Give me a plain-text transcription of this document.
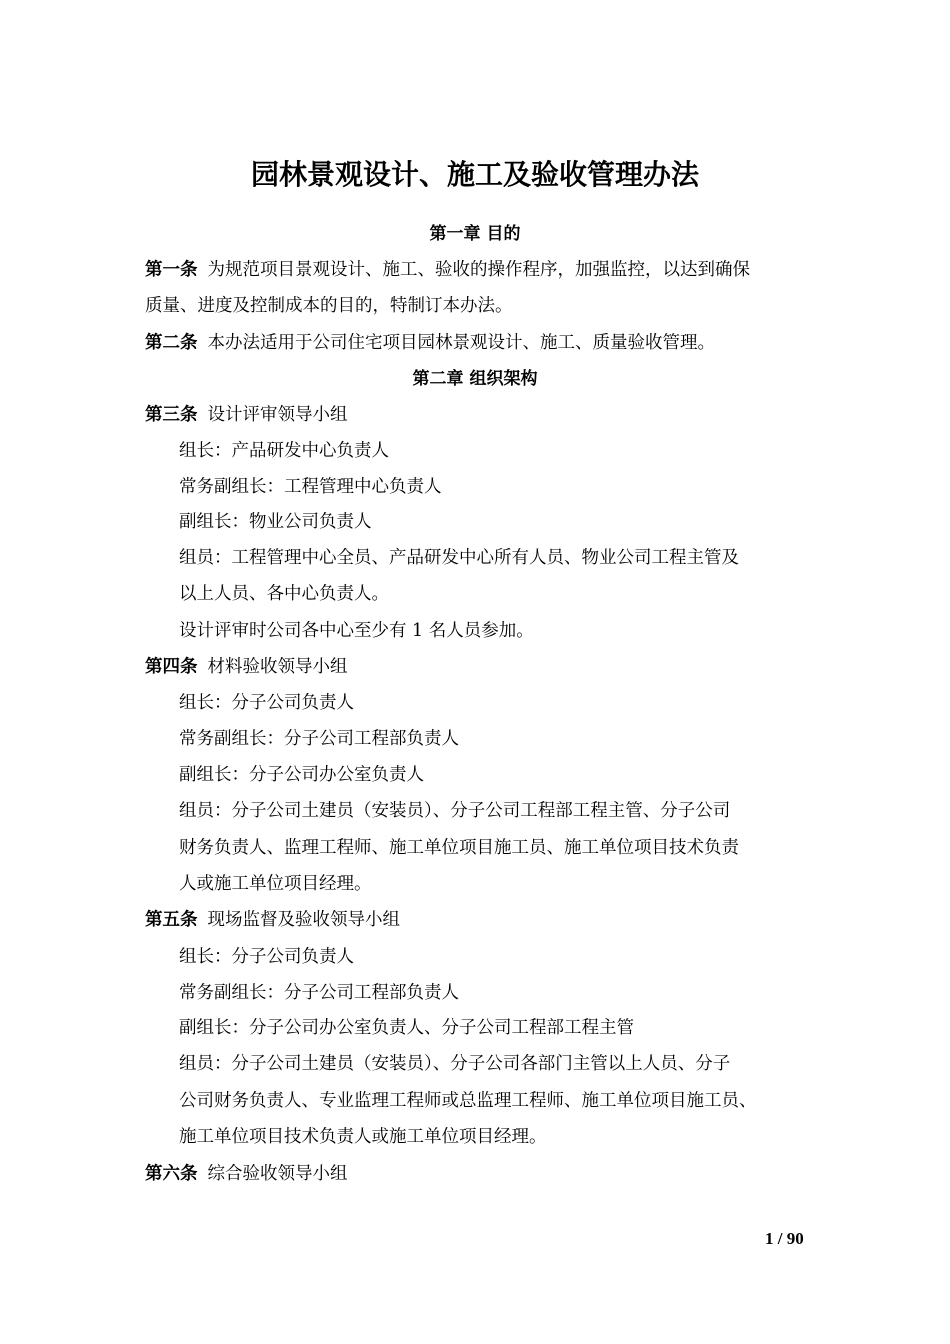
园林景观设计、施工及验收管理办法
第一章 目的
第一条 为规范项目景观设计、施工、验收的操作程序，加强监控，以达到确保
质量、进度及控制成本的目的，特制订本办法。
第二条 本办法适用于公司住宅项目园林景观设计、施工、质量验收管理。
第二章 组织架构
第三条 设计评审领导小组
组长：产品研发中心负责人
常务副组长：工程管理中心负责人
副组长：物业公司负责人
组员：工程管理中心全员、产品研发中心所有人员、物业公司工程主管及
以上人员、各中心负责人。
设计评审时公司各中心至少有 1 名人员参加。
第四条 材料验收领导小组
组长：分子公司负责人
常务副组长：分子公司工程部负责人
副组长：分子公司办公室负责人
组员：分子公司土建员（安装员）、分子公司工程部工程主管、分子公司
财务负责人、监理工程师、施工单位项目施工员、施工单位项目技术负责
人或施工单位项目经理。
第五条 现场监督及验收领导小组
组长：分子公司负责人
常务副组长：分子公司工程部负责人
副组长：分子公司办公室负责人、分子公司工程部工程主管
组员：分子公司土建员（安装员）、分子公司各部门主管以上人员、分子
公司财务负责人、专业监理工程师或总监理工程师、施工单位项目施工员、
施工单位项目技术负责人或施工单位项目经理。
第六条 综合验收领导小组
1 / 90
